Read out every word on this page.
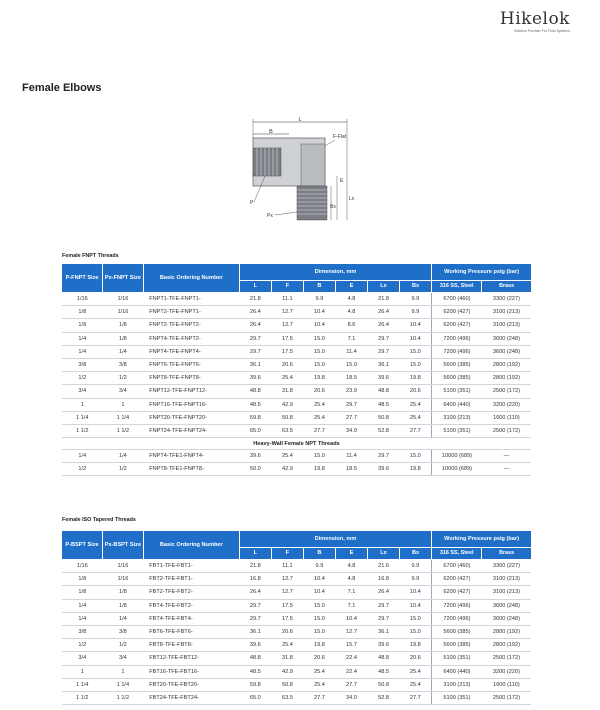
Hikelok
Solution Provider For Fluid Systems
Female Elbows
L
B
F-Flat
E
Lx
Bx
P
Px
Female FNPT Threads
P-FNPT Size	Px-FNPT Size	Basic Ordering Number	Dimension, mm						Working Pressure psig (bar)	
			L	F	B	E	Lx	Bx	316 SS, Steel	Brass
1/16	1/16	FNPT1-TFE-FNPT1-	21.8	11.1	9.9	4.8	21.8	9.9	6700 (460)	3300 (227)
1/8	1/16	FNPT2-TFE-FNPT1-	26.4	12.7	10.4	4.8	26.4	9.9	6200 (427)	3100 (213)
1/8	1/8	FNPT2-TFE-FNPT2-	26.4	12.7	10.4	8.6	26.4	10.4	6200 (427)	3100 (213)
1/4	1/8	FNPT4-TFE-FNPT2-	29.7	17.5	15.0	7.1	29.7	10.4	7200 (496)	3600 (248)
1/4	1/4	FNPT4-TFE-FNPT4-	29.7	17.5	15.0	11.4	29.7	15.0	7200 (496)	3600 (248)
3/8	3/8	FNPT6-TFE-FNPT6-	36.1	20.6	15.0	15.0	36.1	15.0	5600 (385)	2800 (192)
1/2	1/2	FNPT8-TFE-FNPT8-	39.6	25.4	19.8	18.5	39.6	19.8	5600 (385)	2800 (192)
3/4	3/4	FNPT12-TFE-FNPT12-	48.8	31.8	20.6	23.9	48.8	20.6	5100 (351)	2500 (172)
1	1	FNPT16-TFE-FNPT16-	48.5	42.9	25.4	29.7	48.5	25.4	6400 (440)	3200 (220)
1 1/4	1 1/4	FNPT20-TFE-FNPT20-	59.8	50.8	25.4	27.7	50.8	25.4	3100 (213)	1600 (110)
1 1/2	1 1/2	FNPT24-TFE-FNPT24-	65.0	63.5	27.7	34.0	52.8	27.7	5100 (351)	2500 (172)
Heavy-Wall Female NPT Threads										
1/4	1/4	FNPT4-TFE1-FNPT4-	39.6	25.4	15.0	11.4	29.7	15.0	10000 (689)	—
1/2	1/2	FNPT8-TFE1-FNPT8-	50.0	42.9	19.8	18.5	39.6	19.8	10000 (689)	—
Female ISO Tapered Threads
P-BSPT Size	Px-BSPT Size	Basic Ordering Number	Dimension, mm						Working Pressure psig (bar)	
			L	F	B	E	Lx	Bx	316 SS, Steel	Brass
1/16	1/16	FBT1-TFE-FBT1-	21.8	11.1	9.9	4.8	21.6	9.9	6700 (460)	3300 (227)
1/8	1/16	FBT2-TFE-FBT1-	16.8	12.7	10.4	4.8	16.8	9.9	6200 (427)	3100 (213)
1/8	1/8	FBT2-TFE-FBT2-	26.4	12.7	10.4	7.1	26.4	10.4	6200 (427)	3100 (213)
1/4	1/8	FBT4-TFE-FBT2-	29.7	17.5	15.0	7.1	29.7	10.4	7200 (496)	3600 (248)
1/4	1/4	FBT4-TFE-FBT4-	29.7	17.5	15.0	10.4	29.7	15.0	7200 (496)	3600 (248)
3/8	3/8	FBT6-TFE-FBT6-	36.1	20.6	15.0	12.7	36.1	15.0	5600 (385)	2800 (192)
1/2	1/2	FBT8-TFE-FBT8-	39.6	25.4	19.8	15.7	39.6	19.8	5600 (385)	2800 (192)
3/4	3/4	FBT12-TFE-FBT12-	48.8	31.8	20.6	22.4	48.8	20.6	5100 (351)	2500 (172)
1	1	FBT16-TFE-FBT16-	48.5	42.9	25.4	22.4	48.5	25.4	6400 (440)	3200 (220)
1 1/4	1 1/4	FBT20-TFE-FBT20-	59.8	50.8	25.4	27.7	50.8	25.4	3100 (213)	1600 (110)
1 1/2	1 1/2	FBT24-TFE-FBT24-	65.0	63.5	27.7	34.0	52.8	27.7	5100 (351)	2500 (172)
